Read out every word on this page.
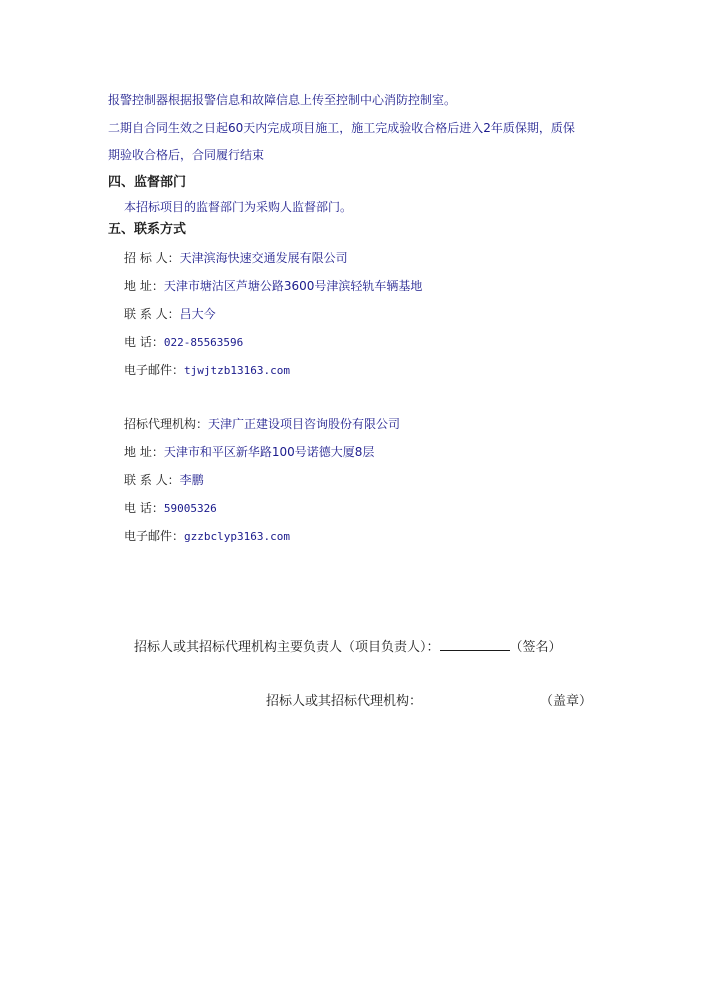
报警控制器根据报警信息和故障信息上传至控制中心消防控制室。
二期自合同生效之日起60天内完成项目施工，施工完成验收合格后进入2年质保期，质保
期验收合格后，合同履行结束
四、监督部门
本招标项目的监督部门为采购人监督部门。
五、联系方式
招 标 人：天津滨海快速交通发展有限公司
地 址：天津市塘沽区芦塘公路3600号津滨轻轨车辆基地
联 系 人：吕大今
电 话：022-85563596
电子邮件：tjwjtzb13163.com
招标代理机构：天津广正建设项目咨询股份有限公司
地 址：天津市和平区新华路100号诺德大厦8层
联 系 人：李鹏
电 话：59005326
电子邮件：gzzbclyp3163.com
招标人或其招标代理机构主要负责人（项目负责人）：	（签名）
招标人或其招标代理机构：	（盖章）
